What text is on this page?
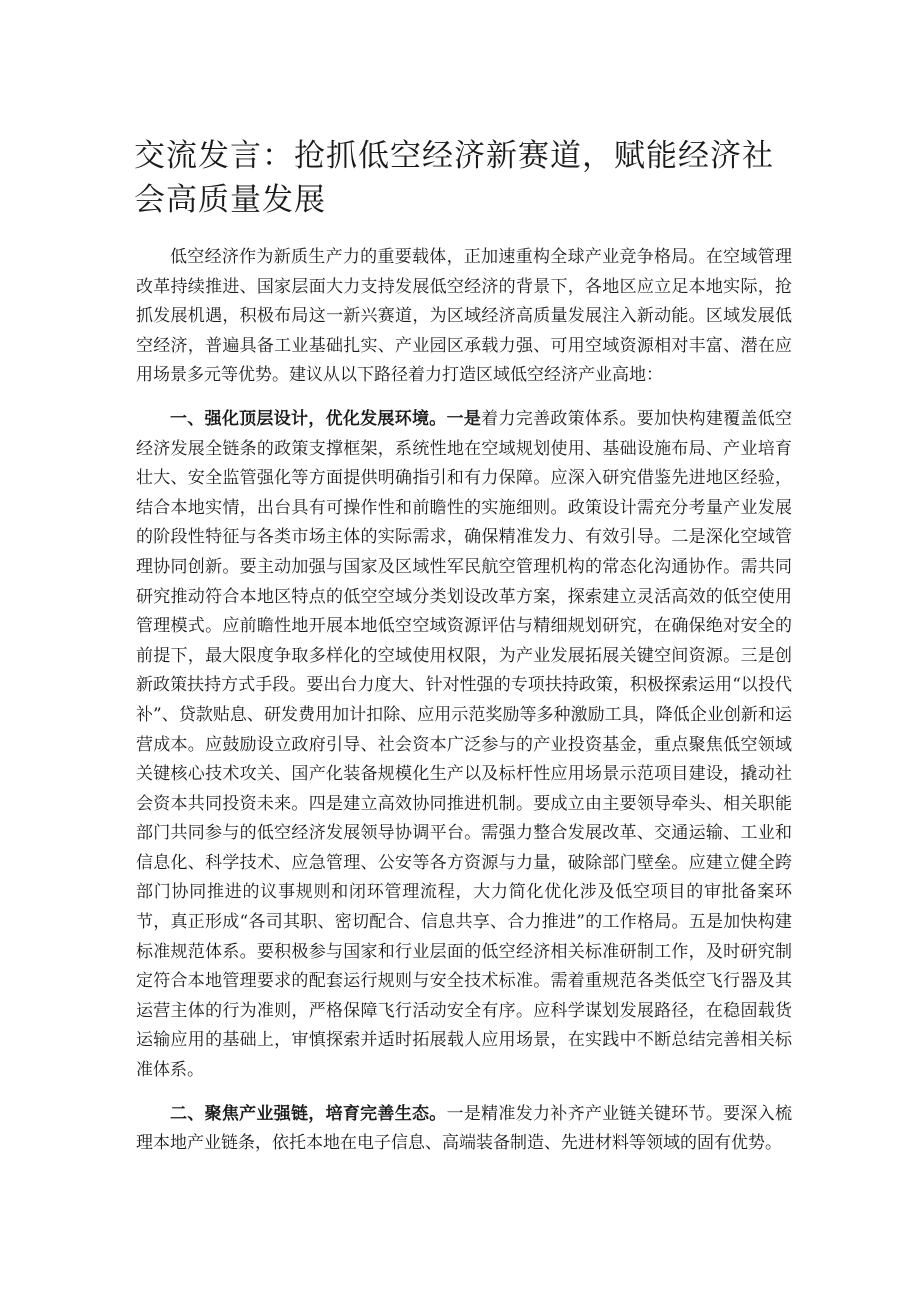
交流发言：抢抓低空经济新赛道，赋能经济社会高质量发展

低空经济作为新质生产力的重要载体，正加速重构全球产业竞争格局。在空域管理改革持续推进、国家层面大力支持发展低空经济的背景下，各地区应立足本地实际，抢抓发展机遇，积极布局这一新兴赛道，为区域经济高质量发展注入新动能。区域发展低空经济，普遍具备工业基础扎实、产业园区承载力强、可用空域资源相对丰富、潜在应用场景多元等优势。建议从以下路径着力打造区域低空经济产业高地：

一、强化顶层设计，优化发展环境。一是着力完善政策体系。要加快构建覆盖低空经济发展全链条的政策支撑框架，系统性地在空域规划使用、基础设施布局、产业培育壮大、安全监管强化等方面提供明确指引和有力保障。应深入研究借鉴先进地区经验，结合本地实情，出台具有可操作性和前瞻性的实施细则。政策设计需充分考量产业发展的阶段性特征与各类市场主体的实际需求，确保精准发力、有效引导。二是深化空域管理协同创新。要主动加强与国家及区域性军民航空管理机构的常态化沟通协作。需共同研究推动符合本地区特点的低空空域分类划设改革方案，探索建立灵活高效的低空使用管理模式。应前瞻性地开展本地低空空域资源评估与精细规划研究，在确保绝对安全的前提下，最大限度争取多样化的空域使用权限，为产业发展拓展关键空间资源。三是创新政策扶持方式手段。要出台力度大、针对性强的专项扶持政策，积极探索运用“以投代补”、贷款贴息、研发费用加计扣除、应用示范奖励等多种激励工具，降低企业创新和运营成本。应鼓励设立政府引导、社会资本广泛参与的产业投资基金，重点聚焦低空领域关键核心技术攻关、国产化装备规模化生产以及标杆性应用场景示范项目建设，撬动社会资本共同投资未来。四是建立高效协同推进机制。要成立由主要领导牵头、相关职能部门共同参与的低空经济发展领导协调平台。需强力整合发展改革、交通运输、工业和信息化、科学技术、应急管理、公安等各方资源与力量，破除部门壁垒。应建立健全跨部门协同推进的议事规则和闭环管理流程，大力简化优化涉及低空项目的审批备案环节，真正形成“各司其职、密切配合、信息共享、合力推进”的工作格局。五是加快构建标准规范体系。要积极参与国家和行业层面的低空经济相关标准研制工作，及时研究制定符合本地管理要求的配套运行规则与安全技术标准。需着重规范各类低空飞行器及其运营主体的行为准则，严格保障飞行活动安全有序。应科学谋划发展路径，在稳固载货运输应用的基础上，审慎探索并适时拓展载人应用场景，在实践中不断总结完善相关标准体系。

二、聚焦产业强链，培育完善生态。一是精准发力补齐产业链关键环节。要深入梳理本地产业链条，依托本地在电子信息、高端装备制造、先进材料等领域的固有优势。
